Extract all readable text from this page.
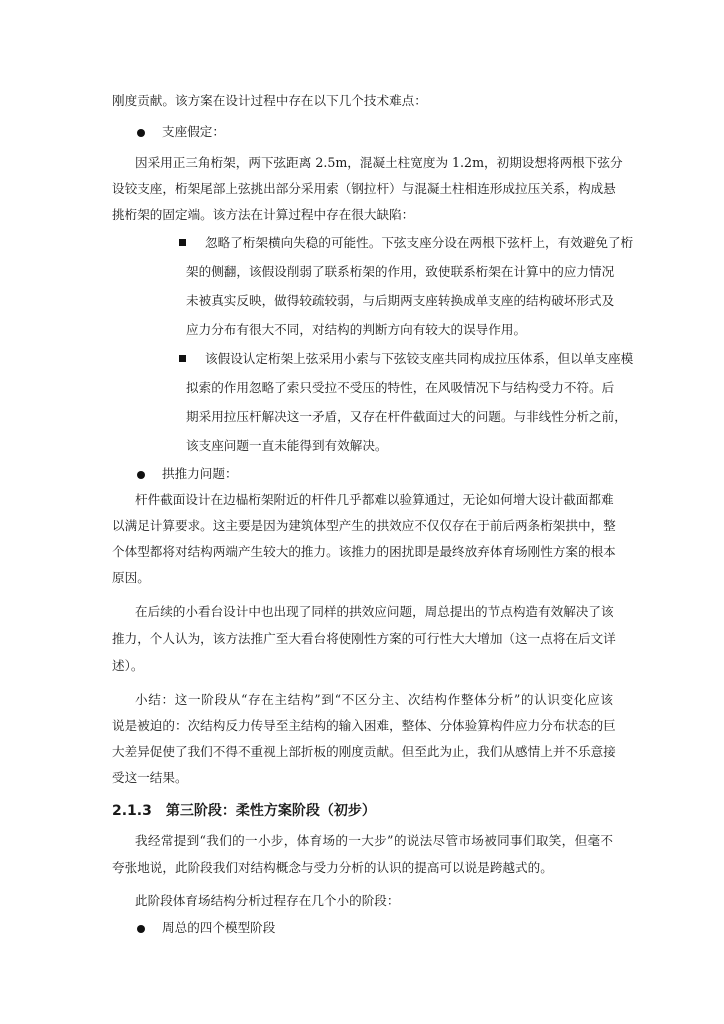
刚度贡献。该方案在设计过程中存在以下几个技术难点：
支座假定：
因采用正三角桁架，两下弦距离 2.5m，混凝土柱宽度为 1.2m，初期设想将两根下弦分
设铰支座，桁架尾部上弦挑出部分采用索（钢拉杆）与混凝土柱相连形成拉压关系，构成悬
挑桁架的固定端。该方法在计算过程中存在很大缺陷：
忽略了桁架横向失稳的可能性。下弦支座分设在两根下弦杆上，有效避免了桁
架的侧翻，该假设削弱了联系桁架的作用，致使联系桁架在计算中的应力情况
未被真实反映，做得较疏较弱，与后期两支座转换成单支座的结构破坏形式及
应力分布有很大不同，对结构的判断方向有较大的误导作用。
该假设认定桁架上弦采用小索与下弦铰支座共同构成拉压体系，但以单支座模
拟索的作用忽略了索只受拉不受压的特性，在风吸情况下与结构受力不符。后
期采用拉压杆解决这一矛盾，又存在杆件截面过大的问题。与非线性分析之前，
该支座问题一直未能得到有效解决。
拱推力问题：
杆件截面设计在边榀桁架附近的杆件几乎都难以验算通过，无论如何增大设计截面都难
以满足计算要求。这主要是因为建筑体型产生的拱效应不仅仅存在于前后两条桁架拱中，整
个体型都将对结构两端产生较大的推力。该推力的困扰即是最终放弃体育场刚性方案的根本
原因。
在后续的小看台设计中也出现了同样的拱效应问题，周总提出的节点构造有效解决了该
推力，个人认为，该方法推广至大看台将使刚性方案的可行性大大增加（这一点将在后文详
述）。
小结：这一阶段从“存在主结构”到“不区分主、次结构作整体分析”的认识变化应该
说是被迫的：次结构反力传导至主结构的输入困难，整体、分体验算构件应力分布状态的巨
大差异促使了我们不得不重视上部折板的刚度贡献。但至此为止，我们从感情上并不乐意接
受这一结果。
2.1.3　第三阶段：柔性方案阶段（初步）
我经常提到“我们的一小步，体育场的一大步”的说法尽管市场被同事们取笑，但毫不
夸张地说，此阶段我们对结构概念与受力分析的认识的提高可以说是跨越式的。
此阶段体育场结构分析过程存在几个小的阶段：
周总的四个模型阶段
